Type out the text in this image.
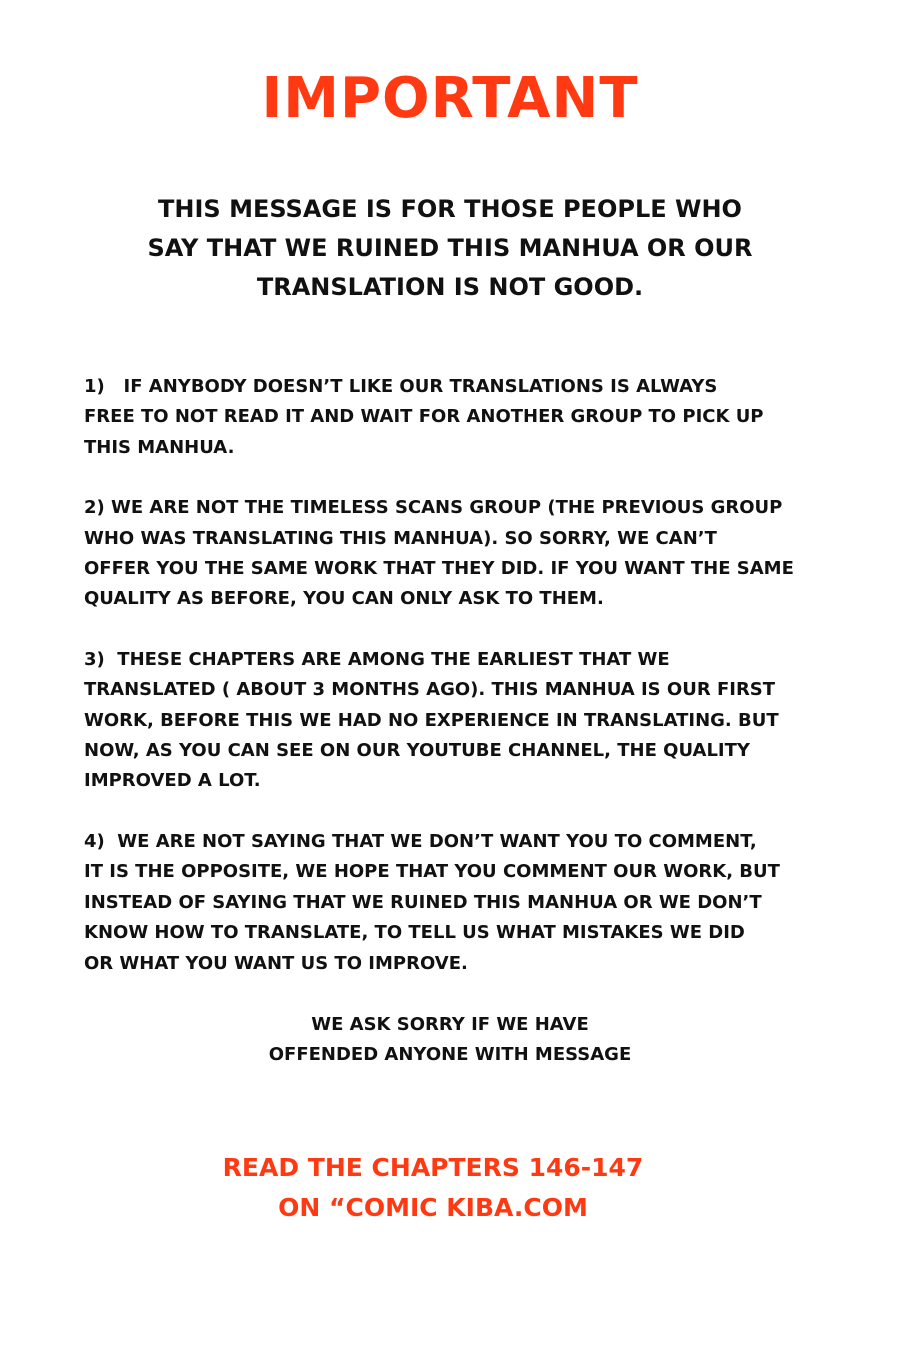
IMPORTANT
THIS MESSAGE IS FOR THOSE PEOPLE WHO
SAY THAT WE RUINED THIS MANHUA OR OUR
TRANSLATION IS NOT GOOD.
1)   IF ANYBODY DOESN’T LIKE OUR TRANSLATIONS IS ALWAYS
FREE TO NOT READ IT AND WAIT FOR ANOTHER GROUP TO PICK UP
THIS MANHUA.
2) WE ARE NOT THE TIMELESS SCANS GROUP (THE PREVIOUS GROUP
WHO WAS TRANSLATING THIS MANHUA). SO SORRY, WE CAN’T
OFFER YOU THE SAME WORK THAT THEY DID. IF YOU WANT THE SAME
QUALITY AS BEFORE, YOU CAN ONLY ASK TO THEM.
3)  THESE CHAPTERS ARE AMONG THE EARLIEST THAT WE
TRANSLATED ( ABOUT 3 MONTHS AGO). THIS MANHUA IS OUR FIRST
WORK, BEFORE THIS WE HAD NO EXPERIENCE IN TRANSLATING. BUT
NOW, AS YOU CAN SEE ON OUR YOUTUBE CHANNEL, THE QUALITY
IMPROVED A LOT.
4)  WE ARE NOT SAYING THAT WE DON’T WANT YOU TO COMMENT,
IT IS THE OPPOSITE, WE HOPE THAT YOU COMMENT OUR WORK, BUT
INSTEAD OF SAYING THAT WE RUINED THIS MANHUA OR WE DON’T
KNOW HOW TO TRANSLATE, TO TELL US WHAT MISTAKES WE DID
OR WHAT YOU WANT US TO IMPROVE.
WE ASK SORRY IF WE HAVE
OFFENDED ANYONE WITH MESSAGE
READ THE CHAPTERS 146-147
ON “COMIC KIBA.COM
